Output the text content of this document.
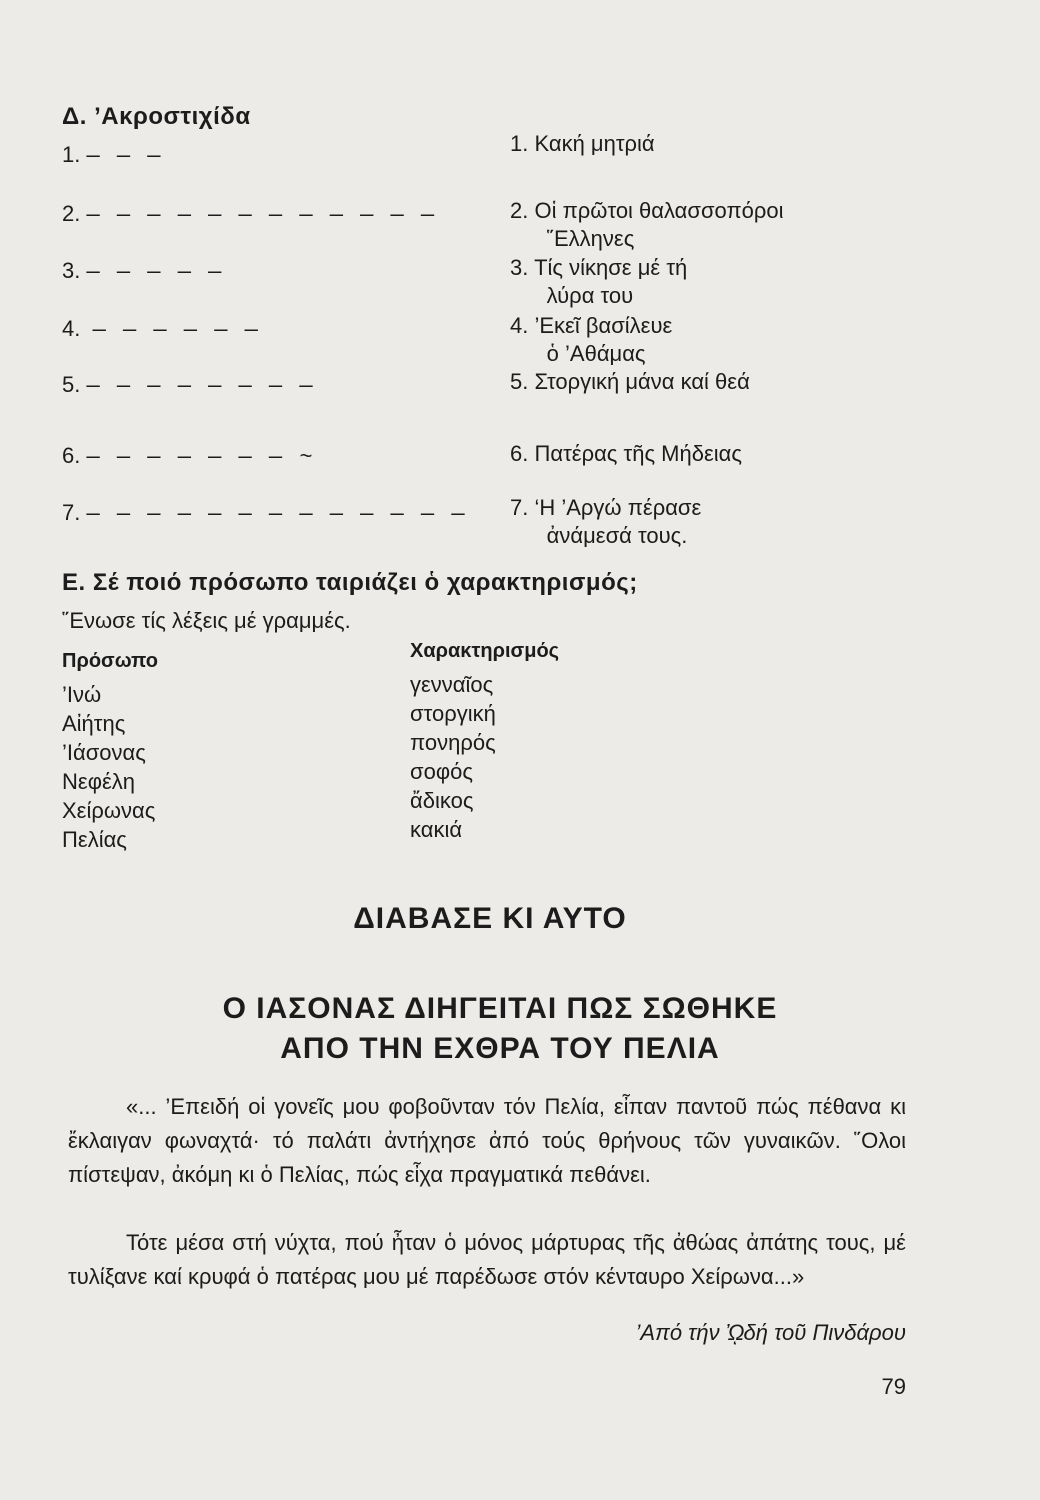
Δ. ’Ακροστιχίδα
1. — — —
2. — — — — — — — — — — — —
3. — — — — —
4. — — — — — —
5. — — — — — — — —
6. — — — — — — — ~
7. — — — — — — — — — — — — —
1. Κακή μητριά
2. Οἱ πρῶτοι θαλασσοπόροι
῞Ελληνες
3. Τίς νίκησε μέ τή
λύρα του
4. ’Εκεῖ βασίλευε
ὁ ’Αθάμας
5. Στοργική μάνα καί θεά
6. Πατέρας τῆς Μήδειας
7. ‘Η ’Αργώ πέρασε
ἀνάμεσά τους.
Ε. Σέ ποιό πρόσωπο ταιριάζει ὁ χαρακτηρισμός;
῞Ενωσε τίς λέξεις μέ γραμμές.
Πρόσωπο
’Ινώ
Αἰήτης
’Ιάσονας
Νεφέλη
Χείρωνας
Πελίας
Χαρακτηρισμός
γενναῖος
στοργική
πονηρός
σοφός
ἄδικος
κακιά
ΔΙΑΒΑΣΕ ΚΙ ΑΥΤΟ
Ο ΙΑΣΟΝΑΣ ΔΙΗΓΕΙΤΑΙ ΠΩΣ ΣΩΘΗΚΕ
ΑΠΟ ΤΗΝ ΕΧΘΡΑ ΤΟΥ ΠΕΛΙΑ
«... ’Επειδή οἱ γονεῖς μου φοβοῦνταν τόν Πελία, εἶπαν παντοῦ πώς πέθανα κι ἔκλαιγαν φωναχτά· τό παλάτι ἀντήχησε ἀπό τούς θρήνους τῶν γυναικῶν. ῞Ολοι πίστεψαν, ἀκόμη κι ὁ Πελίας, πώς εἶχα πραγματικά πεθάνει.
Τότε μέσα στή νύχτα, πού ἦταν ὁ μόνος μάρτυρας τῆς ἀθώας ἀπάτης τους, μέ τυλίξανε καί κρυφά ὁ πατέρας μου μέ παρέδωσε στόν κένταυρο Χείρωνα...»
’Από τήν ᾨδή τοῦ Πινδάρου
79
